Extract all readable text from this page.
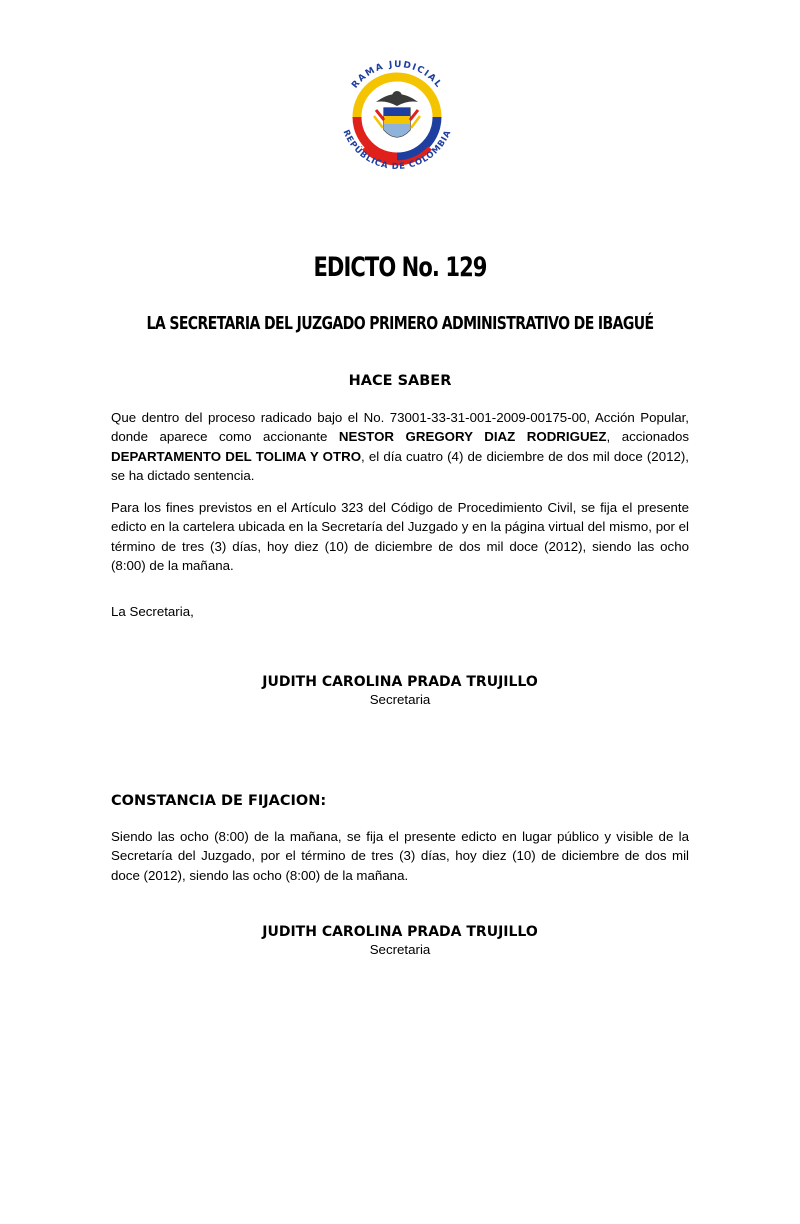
RAMA JUDICIAL
REPÚBLICA DE COLOMBIA
EDICTO No. 129
LA SECRETARIA DEL JUZGADO PRIMERO ADMINISTRATIVO DE IBAGUÉ
HACE SABER

Que dentro del proceso radicado bajo el No. 73001-33-31-001-2009-00175-00, Acción Popular, donde aparece como accionante NESTOR GREGORY DIAZ RODRIGUEZ, accionados DEPARTAMENTO DEL TOLIMA Y OTRO, el día cuatro (4) de diciembre de dos mil doce (2012), se ha dictado sentencia.

Para los fines previstos en el Artículo 323 del Código de Procedimiento Civil, se fija el presente edicto en la cartelera ubicada en la Secretaría del Juzgado y en la página virtual del mismo, por el término de tres (3) días, hoy diez (10) de diciembre de dos mil doce (2012), siendo las ocho (8:00) de la mañana.

La Secretaria,
JUDITH CAROLINA PRADA TRUJILLO
Secretaria
CONSTANCIA DE FIJACION:

Siendo las ocho (8:00) de la mañana, se fija el presente edicto en lugar público y visible de la Secretaría del Juzgado, por el término de tres (3) días, hoy diez (10) de diciembre de dos mil doce (2012), siendo las ocho (8:00) de la mañana.

JUDITH CAROLINA PRADA TRUJILLO
Secretaria
